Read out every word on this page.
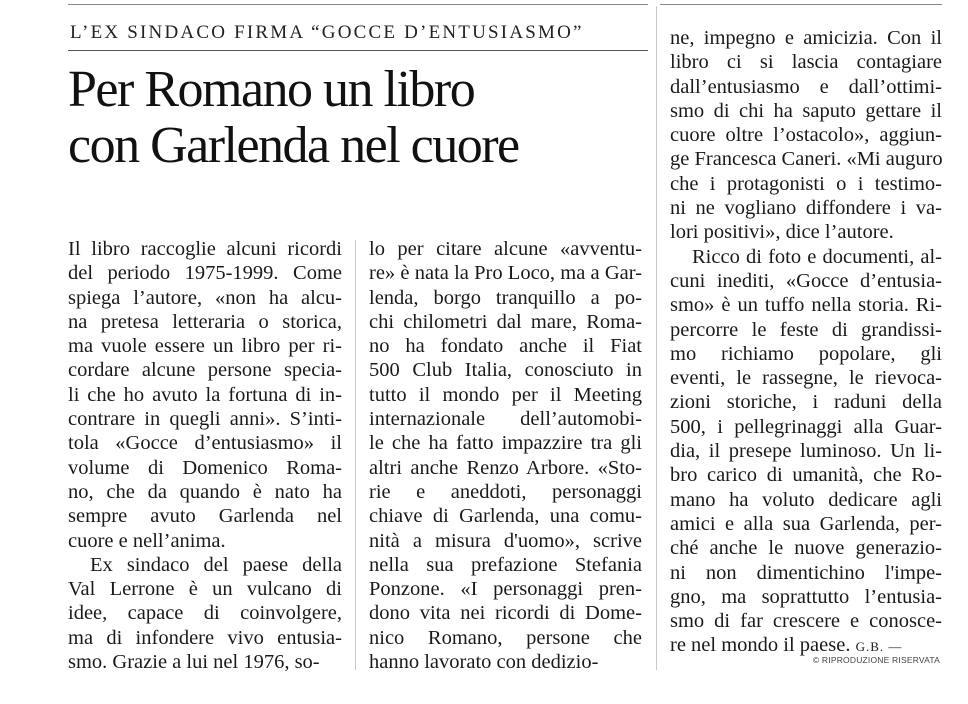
L’EX SINDACO FIRMA “GOCCE D’ENTUSIASMO”
Per Romano un libro
con Garlenda nel cuore
Il libro raccoglie alcuni ricordi
del periodo 1975-1999. Come
spiega l’autore, «non ha alcu-
na pretesa letteraria o storica,
ma vuole essere un libro per ri-
cordare alcune persone specia-
li che ho avuto la fortuna di in-
contrare in quegli anni». S’inti-
tola «Gocce d’entusiasmo» il
volume di Domenico Roma-
no, che da quando è nato ha
sempre avuto Garlenda nel
cuore e nell’anima.
Ex sindaco del paese della
Val Lerrone è un vulcano di
idee, capace di coinvolgere,
ma di infondere vivo entusia-
smo. Grazie a lui nel 1976, so-
lo per citare alcune «avventu-
re» è nata la Pro Loco, ma a Gar-
lenda, borgo tranquillo a po-
chi chilometri dal mare, Roma-
no ha fondato anche il Fiat
500 Club Italia, conosciuto in
tutto il mondo per il Meeting
internazionale dell’automobi-
le che ha fatto impazzire tra gli
altri anche Renzo Arbore. «Sto-
rie e aneddoti, personaggi
chiave di Garlenda, una comu-
nità a misura d'uomo», scrive
nella sua prefazione Stefania
Ponzone. «I personaggi pren-
dono vita nei ricordi di Dome-
nico Romano, persone che
hanno lavorato con dedizio-
ne, impegno e amicizia. Con il
libro ci si lascia contagiare
dall’entusiasmo e dall’ottimi-
smo di chi ha saputo gettare il
cuore oltre l’ostacolo», aggiun-
ge Francesca Caneri. «Mi auguro
che i protagonisti o i testimo-
ni ne vogliano diffondere i va-
lori positivi», dice l’autore.
Ricco di foto e documenti, al-
cuni inediti, «Gocce d’entusia-
smo» è un tuffo nella storia. Ri-
percorre le feste di grandissi-
mo richiamo popolare, gli
eventi, le rassegne, le rievoca-
zioni storiche, i raduni della
500, i pellegrinaggi alla Guar-
dia, il presepe luminoso. Un li-
bro carico di umanità, che Ro-
mano ha voluto dedicare agli
amici e alla sua Garlenda, per-
ché anche le nuove generazio-
ni non dimentichino l'impe-
gno, ma soprattutto l’entusia-
smo di far crescere e conosce-
re nel mondo il paese. G.B. —
© RIPRODUZIONE RISERVATA
